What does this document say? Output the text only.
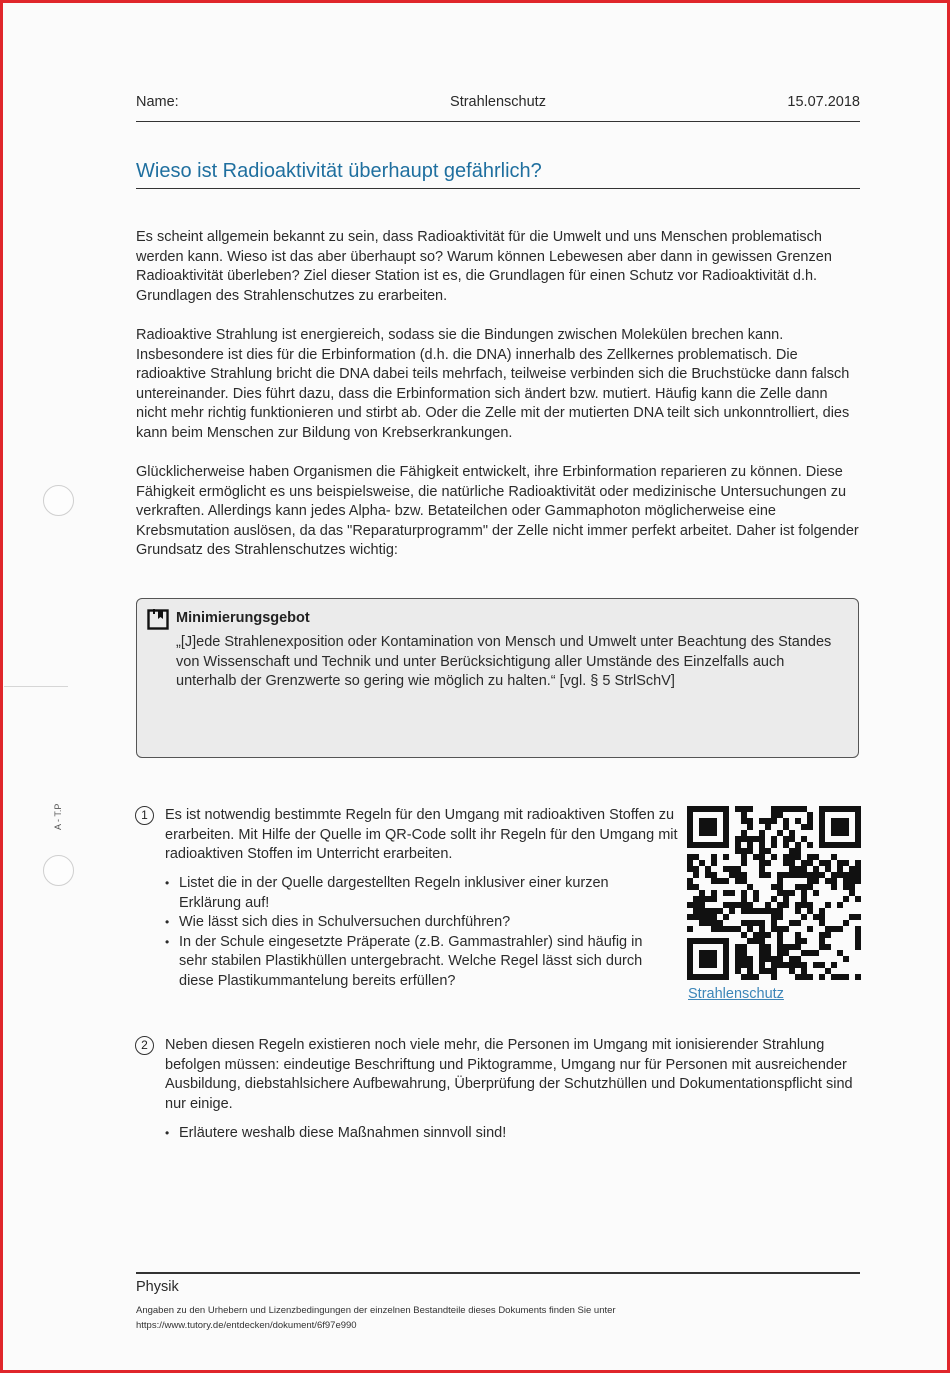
A - T.P
Name:	Strahlenschutz	15.07.2018
Wieso ist Radioaktivität überhaupt gefährlich?
Es scheint allgemein bekannt zu sein, dass Radioaktivität für die Umwelt und uns Menschen problematisch werden kann. Wieso ist das aber überhaupt so? Warum können Lebewesen aber dann in gewissen Grenzen Radioaktivität überleben? Ziel dieser Station ist es, die Grundlagen für einen Schutz vor Radioaktivität d.h. Grundlagen des Strahlenschutzes zu erarbeiten.
Radioaktive Strahlung ist energiereich, sodass sie die Bindungen zwischen Molekülen brechen kann. Insbesondere ist dies für die Erbinformation (d.h. die DNA) innerhalb des Zellkernes problematisch. Die radioaktive Strahlung bricht die DNA dabei teils mehrfach, teilweise verbinden sich die Bruchstücke dann falsch untereinander. Dies führt dazu, dass die Erbinformation sich ändert bzw. mutiert. Häufig kann die Zelle dann nicht mehr richtig funktionieren und stirbt ab. Oder die Zelle mit der mutierten DNA teilt sich unkonntrolliert, dies kann beim Menschen zur Bildung von Krebserkrankungen.
Glücklicherweise haben Organismen die Fähigkeit entwickelt, ihre Erbinformation reparieren zu können. Diese Fähigkeit ermöglicht es uns beispielsweise, die natürliche Radioaktivität oder medizinische Untersuchungen zu verkraften. Allerdings kann jedes Alpha- bzw. Betateilchen oder Gammaphoton möglicherweise eine Krebsmutation auslösen, da das "Reparaturprogramm" der Zelle nicht immer perfekt arbeitet. Daher ist folgender Grundsatz des Strahlenschutzes wichtig:
Minimierungsgebot
„[J]ede Strahlenexposition oder Kontamination von Mensch und Umwelt unter Beachtung des Standes von Wissenschaft und Technik und unter Berücksichtigung aller Umstände des Einzelfalls auch unterhalb der Grenzwerte so gering wie möglich zu halten.“ [vgl. § 5 StrlSchV]
1	Es ist notwendig bestimmte Regeln für den Umgang mit radioaktiven Stoffen zu erarbeiten. Mit Hilfe der Quelle im QR-Code sollt ihr Regeln für den Umgang mit radioaktiven Stoffen im Unterricht erarbeiten.
• Listet die in der Quelle dargestellten Regeln inklusiver einer kurzen Erklärung auf!
• Wie lässt sich dies in Schulversuchen durchführen?
• In der Schule eingesetzte Präperate (z.B. Gammastrahler) sind häufig in sehr stabilen Plastikhüllen untergebracht. Welche Regel lässt sich durch diese Plastikummantelung bereits erfüllen?
Strahlenschutz
2	Neben diesen Regeln existieren noch viele mehr, die Personen im Umgang mit ionisierender Strahlung befolgen müssen: eindeutige Beschriftung und Piktogramme, Umgang nur für Personen mit ausreichender Ausbildung, diebstahlsichere Aufbewahrung, Überprüfung der Schutzhüllen und Dokumentationspflicht sind nur einige.
• Erläutere weshalb diese Maßnahmen sinnvoll sind!
Physik
Angaben zu den Urhebern und Lizenzbedingungen der einzelnen Bestandteile dieses Dokuments finden Sie unter
https://www.tutory.de/entdecken/dokument/6f97e990
